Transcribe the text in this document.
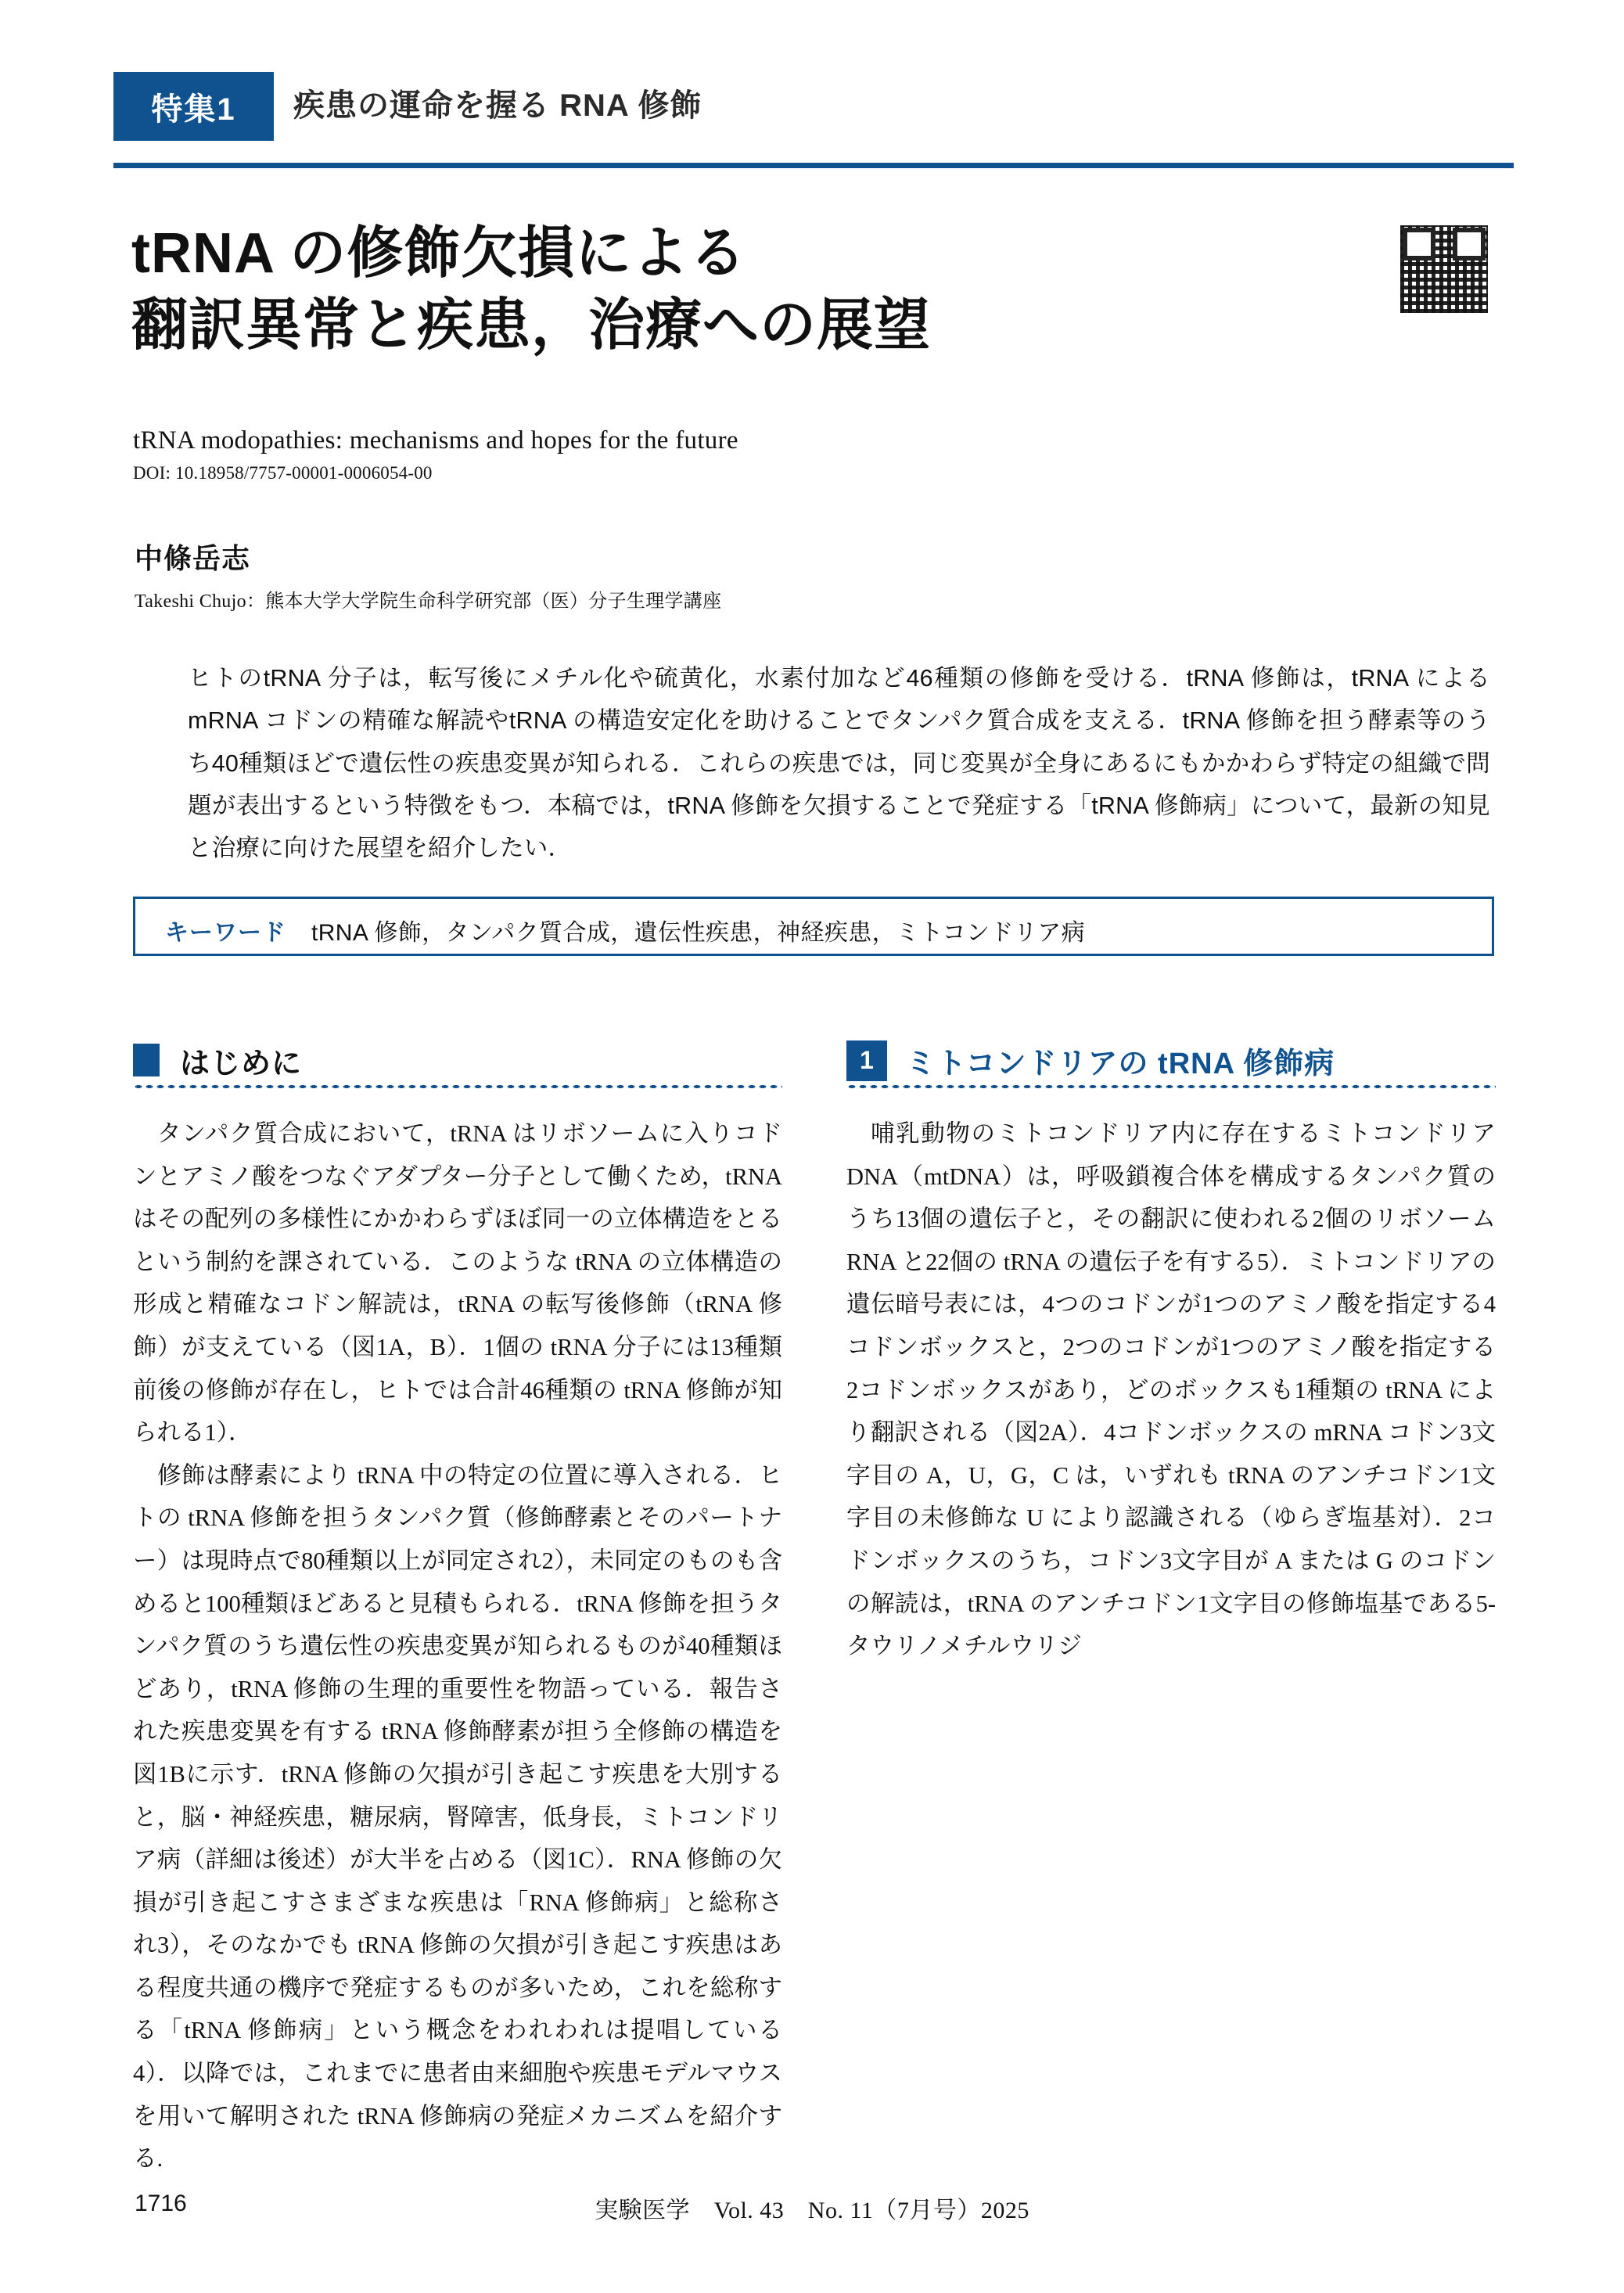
特集1	疾患の運命を握る RNA 修飾
tRNA の修飾欠損による
翻訳異常と疾患，治療への展望
tRNA modopathies: mechanisms and hopes for the future
DOI: 10.18958/7757-00001-0006054-00
中條岳志
Takeshi Chujo：熊本大学大学院生命科学研究部（医）分子生理学講座
ヒトのtRNA 分子は，転写後にメチル化や硫黄化，水素付加など46種類の修飾を受ける．tRNA 修飾は，tRNA によるmRNA コドンの精確な解読やtRNA の構造安定化を助けることでタンパク質合成を支える．tRNA 修飾を担う酵素等のうち40種類ほどで遺伝性の疾患変異が知られる．これらの疾患では，同じ変異が全身にあるにもかかわらず特定の組織で問題が表出するという特徴をもつ．本稿では，tRNA 修飾を欠損することで発症する「tRNA 修飾病」について，最新の知見と治療に向けた展望を紹介したい．
キーワード tRNA 修飾，タンパク質合成，遺伝性疾患，神経疾患，ミトコンドリア病
はじめに

タンパク質合成において，tRNA はリボソームに入りコドンとアミノ酸をつなぐアダプター分子として働くため，tRNA はその配列の多様性にかかわらずほぼ同一の立体構造をとるという制約を課されている．このような tRNA の立体構造の形成と精確なコドン解読は，tRNA の転写後修飾（tRNA 修飾）が支えている（図1A，B）．1個の tRNA 分子には13種類前後の修飾が存在し，ヒトでは合計46種類の tRNA 修飾が知られる1）．

修飾は酵素により tRNA 中の特定の位置に導入される．ヒトの tRNA 修飾を担うタンパク質（修飾酵素とそのパートナー）は現時点で80種類以上が同定され2），未同定のものも含めると100種類ほどあると見積もられる．tRNA 修飾を担うタンパク質のうち遺伝性の疾患変異が知られるものが40種類ほどあり，tRNA 修飾の生理的重要性を物語っている．報告された疾患変異を有する tRNA 修飾酵素が担う全修飾の構造を図1Bに示す．tRNA 修飾の欠損が引き起こす疾患を大別すると，脳・神経疾患，糖尿病，腎障害，低身長，ミトコンドリア病（詳細は後述）が大半を占める（図1C）．RNA 修飾の欠損が引き起こすさまざまな疾患は「RNA 修飾病」と総称され3），そのなかでも tRNA 修飾の欠損が引き起こす疾患はある程度共通の機序で発症するものが多いため，これを総称する「tRNA 修飾病」という概念をわれわれは提唱している4）．以降では，これまでに患者由来細胞や疾患モデルマウスを用いて解明された tRNA 修飾病の発症メカニズムを紹介する.

1	ミトコンドリアの tRNA 修飾病

哺乳動物のミトコンドリア内に存在するミトコンドリア DNA（mtDNA）は，呼吸鎖複合体を構成するタンパク質のうち13個の遺伝子と，その翻訳に使われる2個のリボソーム RNA と22個の tRNA の遺伝子を有する5）．ミトコンドリアの遺伝暗号表には，4つのコドンが1つのアミノ酸を指定する4コドンボックスと，2つのコドンが1つのアミノ酸を指定する2コドンボックスがあり，どのボックスも1種類の tRNA により翻訳される（図2A）．4コドンボックスの mRNA コドン3文字目の A，U，G，C は，いずれも tRNA のアンチコドン1文字目の未修飾な U により認識される（ゆらぎ塩基対）．2コドンボックスのうち，コドン3文字目が A または G のコドンの解読は，tRNA のアンチコドン1文字目の修飾塩基である5-タウリノメチルウリジ

1716	実験医学　Vol. 43　No. 11（7月号）2025
